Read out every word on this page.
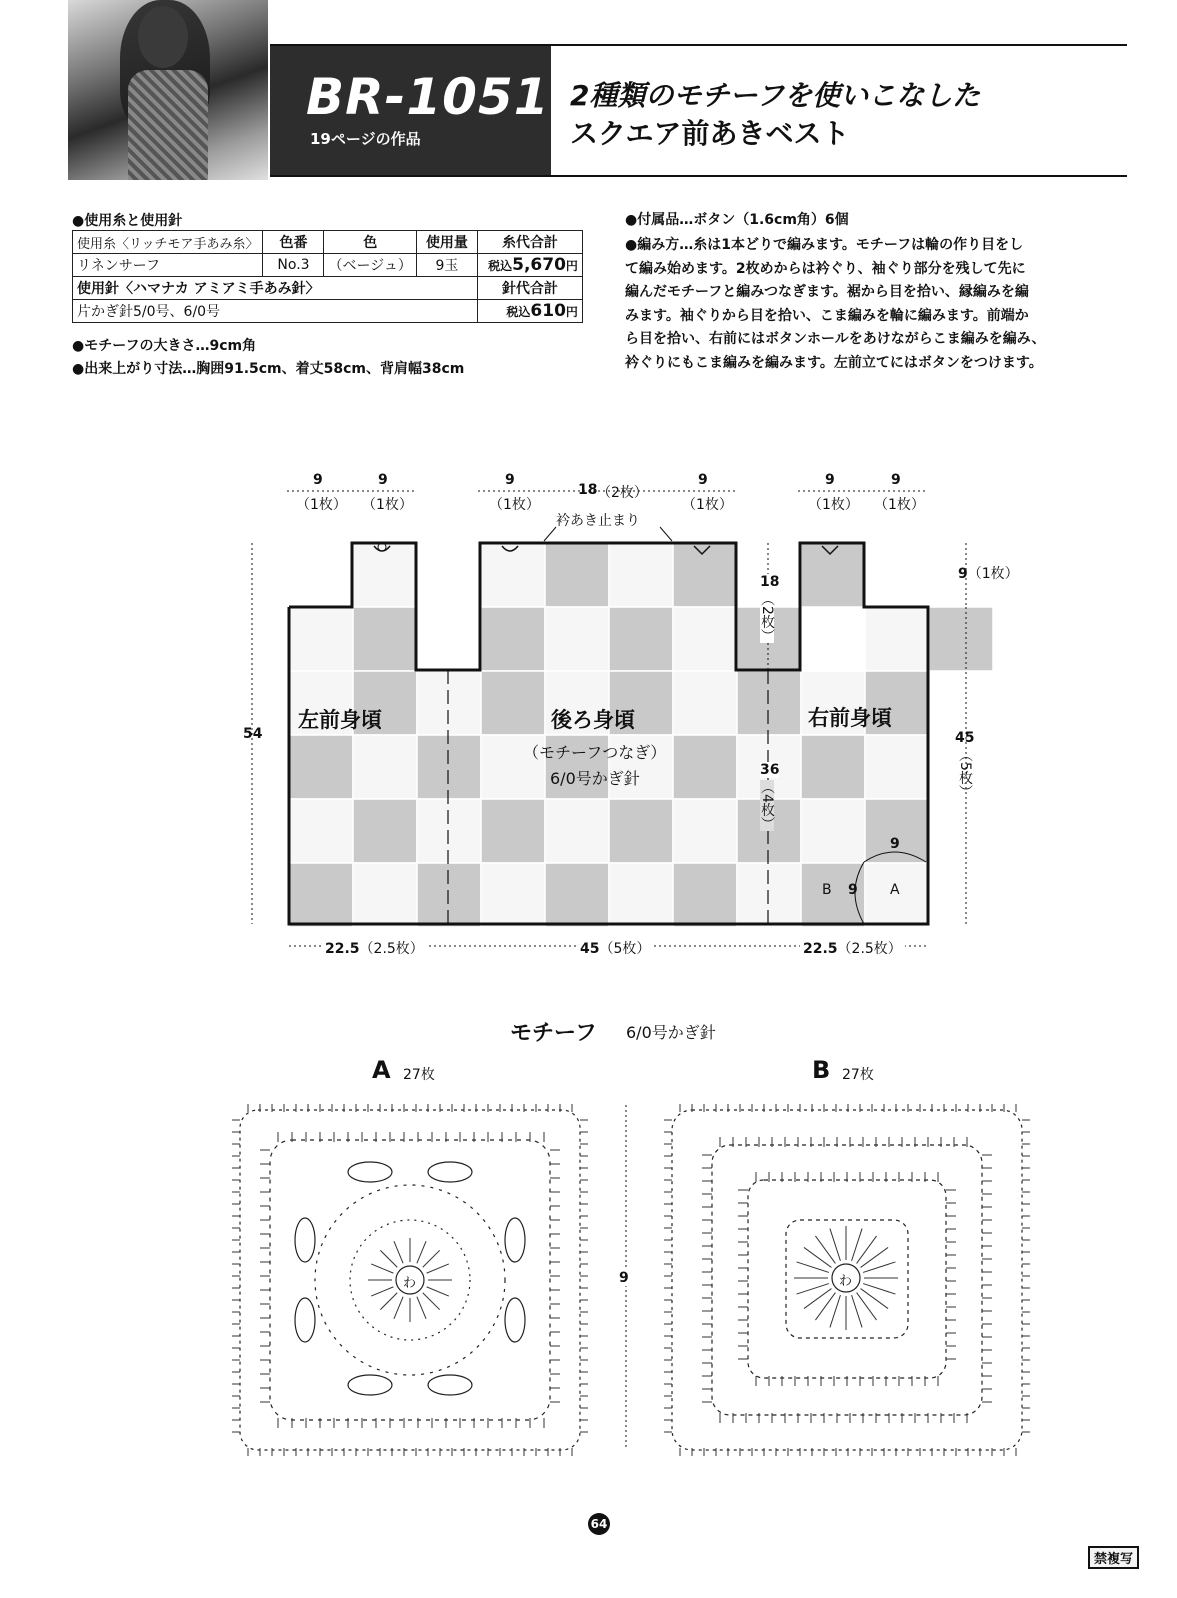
BR-10517
19ページの作品
2種類のモチーフを使いこなした
スクエア前あきベスト
●使用糸と使用針
使用糸〈リッチモア手あみ糸〉	色番	色	使用量	糸代合計
リネンサーフ	No.3	（ベージュ）	9玉	税込5,670円
使用針〈ハマナカ アミアミ手あみ針〉				針代合計
片かぎ針5/0号、6/0号				税込610円
●モチーフの大きさ…9cm角
●出来上がり寸法…胸囲91.5cm、着丈58cm、背肩幅38cm
●付属品…ボタン（1.6cm角）6個
●編み方…糸は1本どりで編みます。モチーフは輪の作り目をし
て編み始めます。2枚めからは衿ぐり、袖ぐり部分を残して先に
編んだモチーフと編みつなぎます。裾から目を拾い、縁編みを編
みます。袖ぐりから目を拾い、こま編みを輪に編みます。前端か
ら目を拾い、右前にはボタンホールをあけながらこま編みを編み、
衿ぐりにもこま編みを編みます。左前立てにはボタンをつけます。
9
（1枚）
9
（1枚）
9
（1枚）
18 （2枚）
9
（1枚）
9
（1枚）
9
（1枚）
衿あき止まり
左前身頃	後ろ身頃	右前身頃
（モチーフつなぎ）
6/0号かぎ針
54
9（1枚）
45
（5枚）
18
（2枚）
36
（4枚）
9
9 A
B
22.5（2.5枚）	45（5枚）	22.5（2.5枚）
モチーフ 6/0号かぎ針
A 27枚	B 27枚
9
わ	わ
64
禁複写
